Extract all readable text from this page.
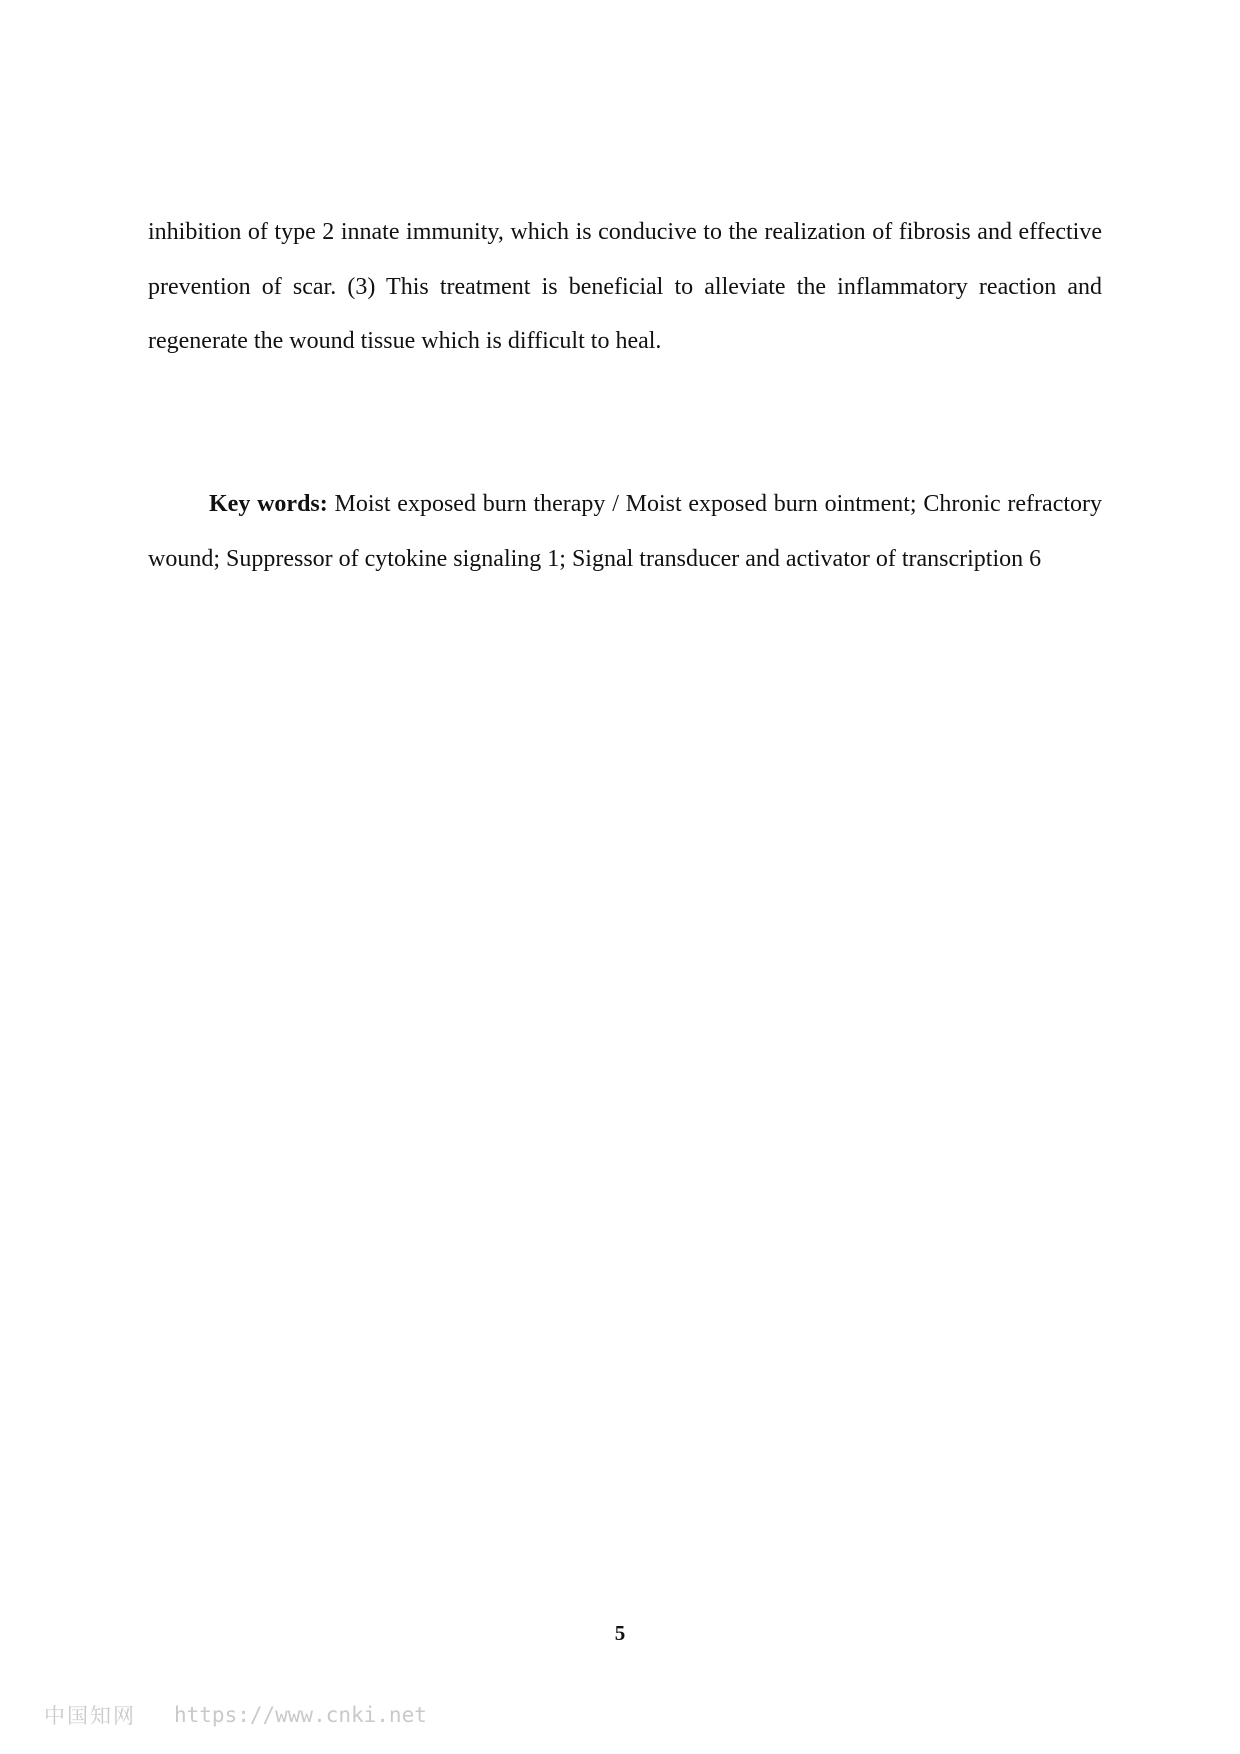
inhibition of type 2 innate immunity, which is conducive to the realization of fibrosis and effective prevention of scar. (3) This treatment is beneficial to alleviate the inflammatory reaction and regenerate the wound tissue which is difficult to heal.

Key words: Moist exposed burn therapy / Moist exposed burn ointment; Chronic refractory wound; Suppressor of cytokine signaling 1; Signal transducer and activator of transcription 6

5

中国知网 https://www.cnki.net
